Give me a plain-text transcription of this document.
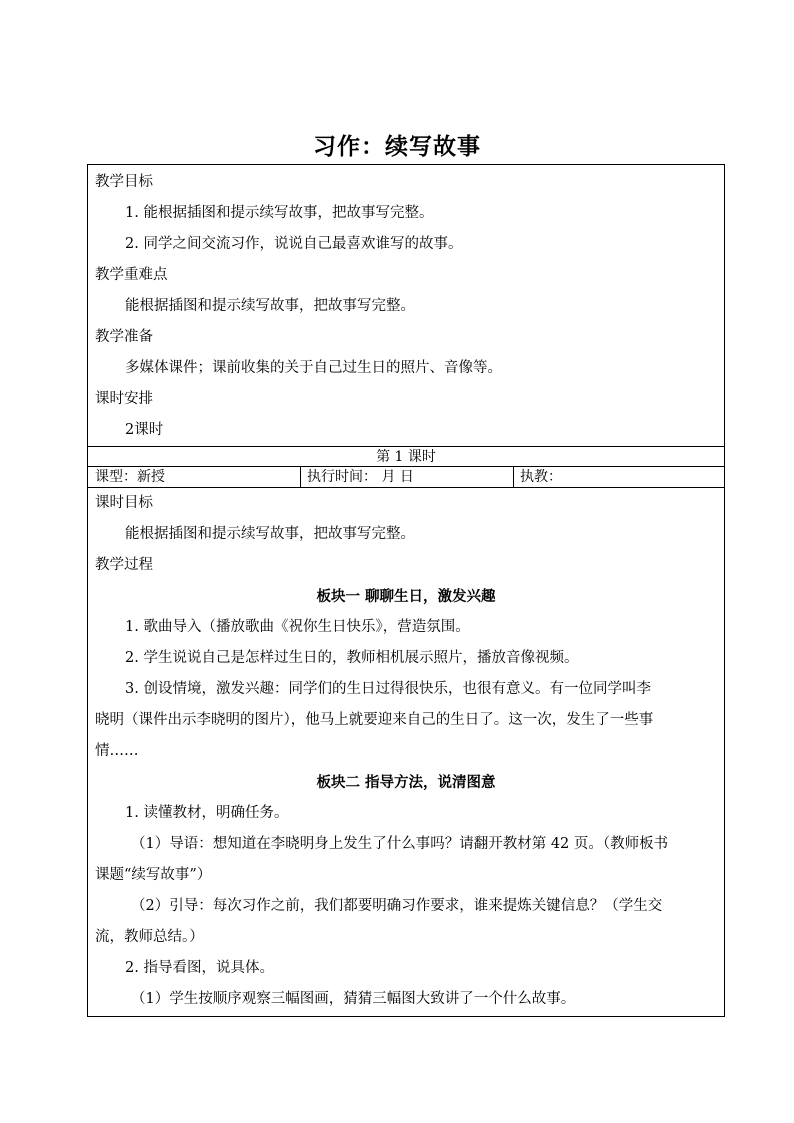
习作：续写故事
教学目标
1. 能根据插图和提示续写故事，把故事写完整。
2. 同学之间交流习作，说说自己最喜欢谁写的故事。
教学重难点
能根据插图和提示续写故事，把故事写完整。
教学准备
多媒体课件；课前收集的关于自己过生日的照片、音像等。
课时安排
2课时
第 1 课时
课型：新授	执行时间： 月 日	执教：
课时目标
能根据插图和提示续写故事，把故事写完整。
教学过程
板块一 聊聊生日，激发兴趣
1. 歌曲导入（播放歌曲《祝你生日快乐》，营造氛围。
2. 学生说说自己是怎样过生日的，教师相机展示照片，播放音像视频。
3. 创设情境，激发兴趣：同学们的生日过得很快乐，也很有意义。有一位同学叫李
晓明（课件出示李晓明的图片），他马上就要迎来自己的生日了。这一次，发生了一些事
情……
板块二 指导方法，说清图意
1. 读懂教材，明确任务。
（1）导语：想知道在李晓明身上发生了什么事吗？请翻开教材第 42 页。（教师板书
课题“续写故事”）
（2）引导：每次习作之前，我们都要明确习作要求，谁来提炼关键信息？（学生交
流，教师总结。）
2. 指导看图，说具体。
（1）学生按顺序观察三幅图画，猜猜三幅图大致讲了一个什么故事。
